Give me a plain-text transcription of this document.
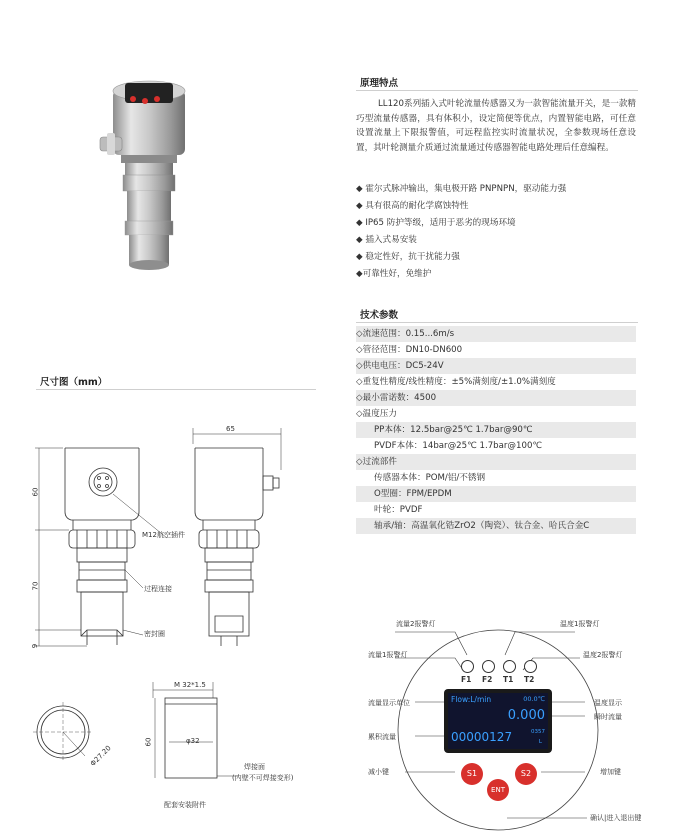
原理特点
LL120系列插入式叶轮流量传感器又为一款智能流量开关，是一款精巧型流量传感器，具有体积小，设定简便等优点，内置智能电路，可任意设置流量上下限报警值，可远程监控实时流量状况，全参数现场任意设置，其叶轮测量介质通过流量通过传感器智能电路处理后任意编程。
◆ 霍尔式脉冲输出，集电极开路 PNPNPN，驱动能力强
◆ 具有很高的耐化学腐蚀特性
◆ IP65 防护等级，适用于恶劣的现场环境
◆ 插入式易安装
◆ 稳定性好，抗干扰能力强
◆可靠性好，免维护
技术参数
◇流速范围：0.15...6m/s
◇管径范围：DN10-DN600
◇供电电压：DC5-24V
◇重复性精度/线性精度：±5%满刻度/±1.0%满刻度
◇最小雷诺数：4500
◇温度压力
PP本体：12.5bar@25℃ 1.7bar@90℃
PVDF本体：14bar@25℃ 1.7bar@100℃
◇过流部件
传感器本体：POM/铝/不锈钢
O型圈：FPM/EPDM
叶轮：PVDF
轴承/轴：高温氧化锆ZrO2（陶瓷）、钛合金、哈氏合金C
尺寸图（mm）
60
70
9
M12航空插件
过程连接
密封圈
65
M 32*1.5
60	φ32
Φ27.20	焊接面
(内壁不可焊接变形)
配套安装附件
F1	F2	T1	T2
Flow:L/min	00.0℃
0.000
00000127	0357
L
S1	S2
ENT
流量2报警灯	温度1报警灯
流量1报警灯	温度2报警灯
流量显示单位	温度显示
瞬时流量
累积流量
减小键	增加键
确认|进入退出键
